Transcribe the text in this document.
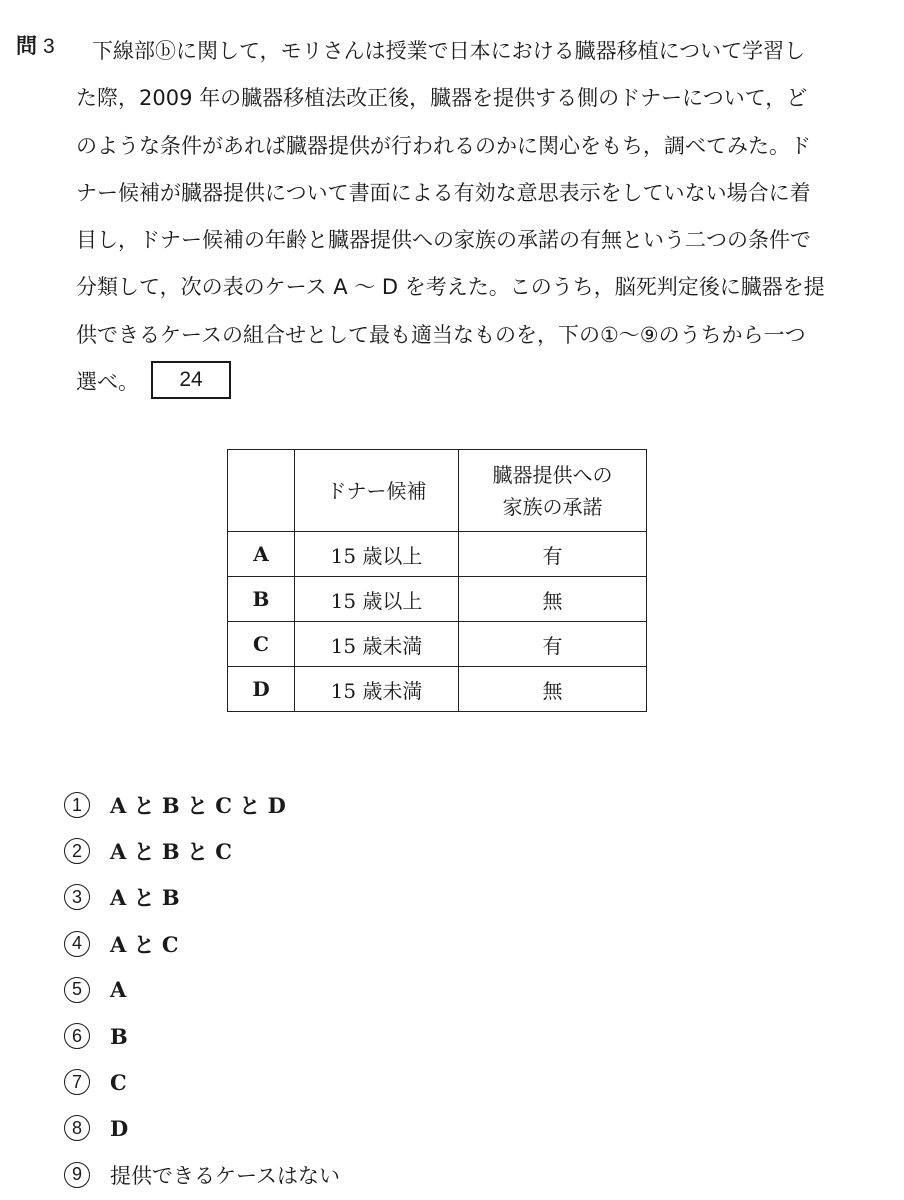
問 3 下線部ⓑに関して，モリさんは授業で日本における臓器移植について学習し
た際，2009 年の臓器移植法改正後，臓器を提供する側のドナーについて，ど
のような条件があれば臓器提供が行われるのかに関心をもち，調べてみた。ド
ナー候補が臓器提供について書面による有効な意思表示をしていない場合に着
目し，ドナー候補の年齢と臓器提供への家族の承諾の有無という二つの条件で
分類して，次の表のケース A ～ D を考えた。このうち，脳死判定後に臓器を提
供できるケースの組合せとして最も適当なものを，下の①～⑨のうちから一つ
選べ。 24
	ドナー候補	臓器提供への
家族の承諾
A	15 歳以上	有
B	15 歳以上	無
C	15 歳未満	有
D	15 歳未満	無
1	A と B と C と D
2	A と B と C
3	A と B
4	A と C
5	A
6	B
7	C
8	D
9	提供できるケースはない
